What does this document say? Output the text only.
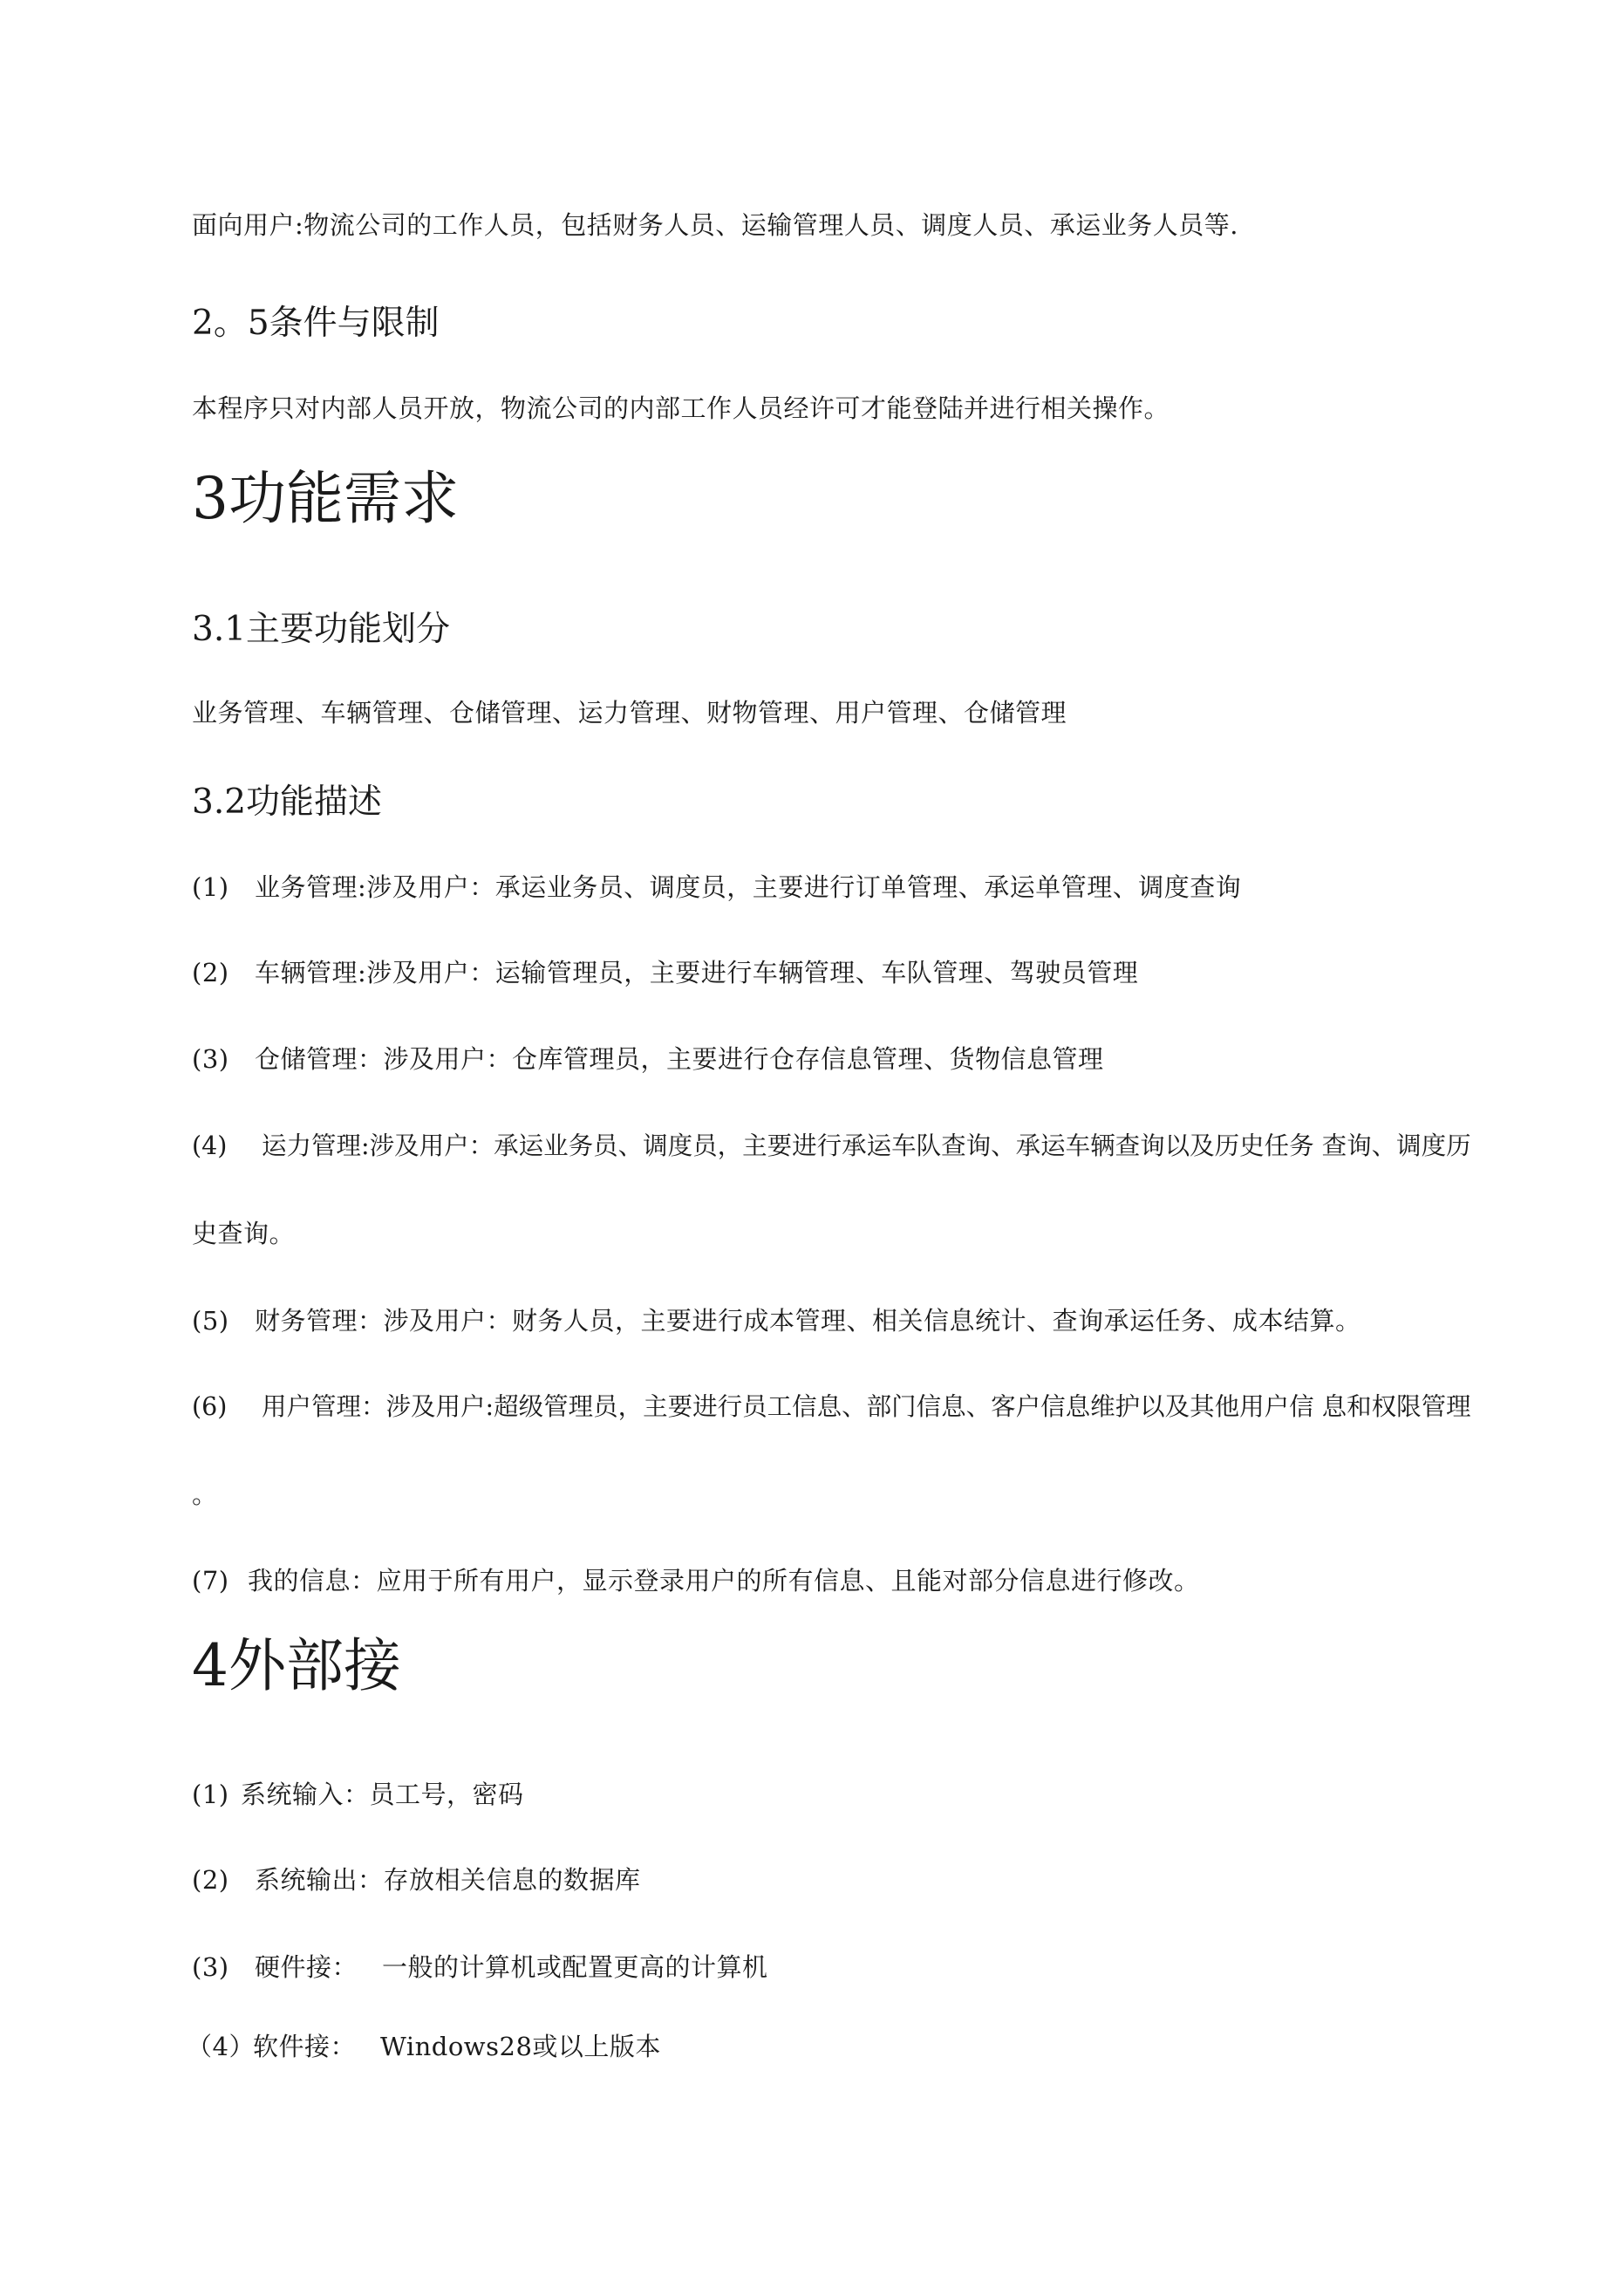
面向用户:物流公司的工作人员，包括财务人员、运输管理人员、调度人员、承运业务人员等.

2。5条件与限制

本程序只对内部人员开放，物流公司的内部工作人员经许可才能登陆并进行相关操作。

3功能需求
3.1主要功能划分

业务管理、车辆管理、仓储管理、运力管理、财物管理、用户管理、仓储管理

3.2功能描述

(1) 业务管理:涉及用户：承运业务员、调度员，主要进行订单管理、承运单管理、调度查询

(2) 车辆管理:涉及用户：运输管理员，主要进行车辆管理、车队管理、驾驶员管理

(3) 仓储管理：涉及用户：仓库管理员，主要进行仓存信息管理、货物信息管理

(4) 运力管理:涉及用户：承运业务员、调度员，主要进行承运车队查询、承运车辆查询以及历史任务 查询、调度历

史查询。

(5) 财务管理：涉及用户：财务人员，主要进行成本管理、相关信息统计、查询承运任务、成本结算。

(6) 用户管理：涉及用户:超级管理员，主要进行员工信息、部门信息、客户信息维护以及其他用户信 息和权限管理

。

(7) 我的信息：应用于所有用户，显示登录用户的所有信息、且能对部分信息进行修改。

4外部接

(1) 系统输入：员工号，密码

(2) 系统输出：存放相关信息的数据库

(3) 硬件接： 一般的计算机或配置更高的计算机

（4）软件接： Windows28或以上版本
